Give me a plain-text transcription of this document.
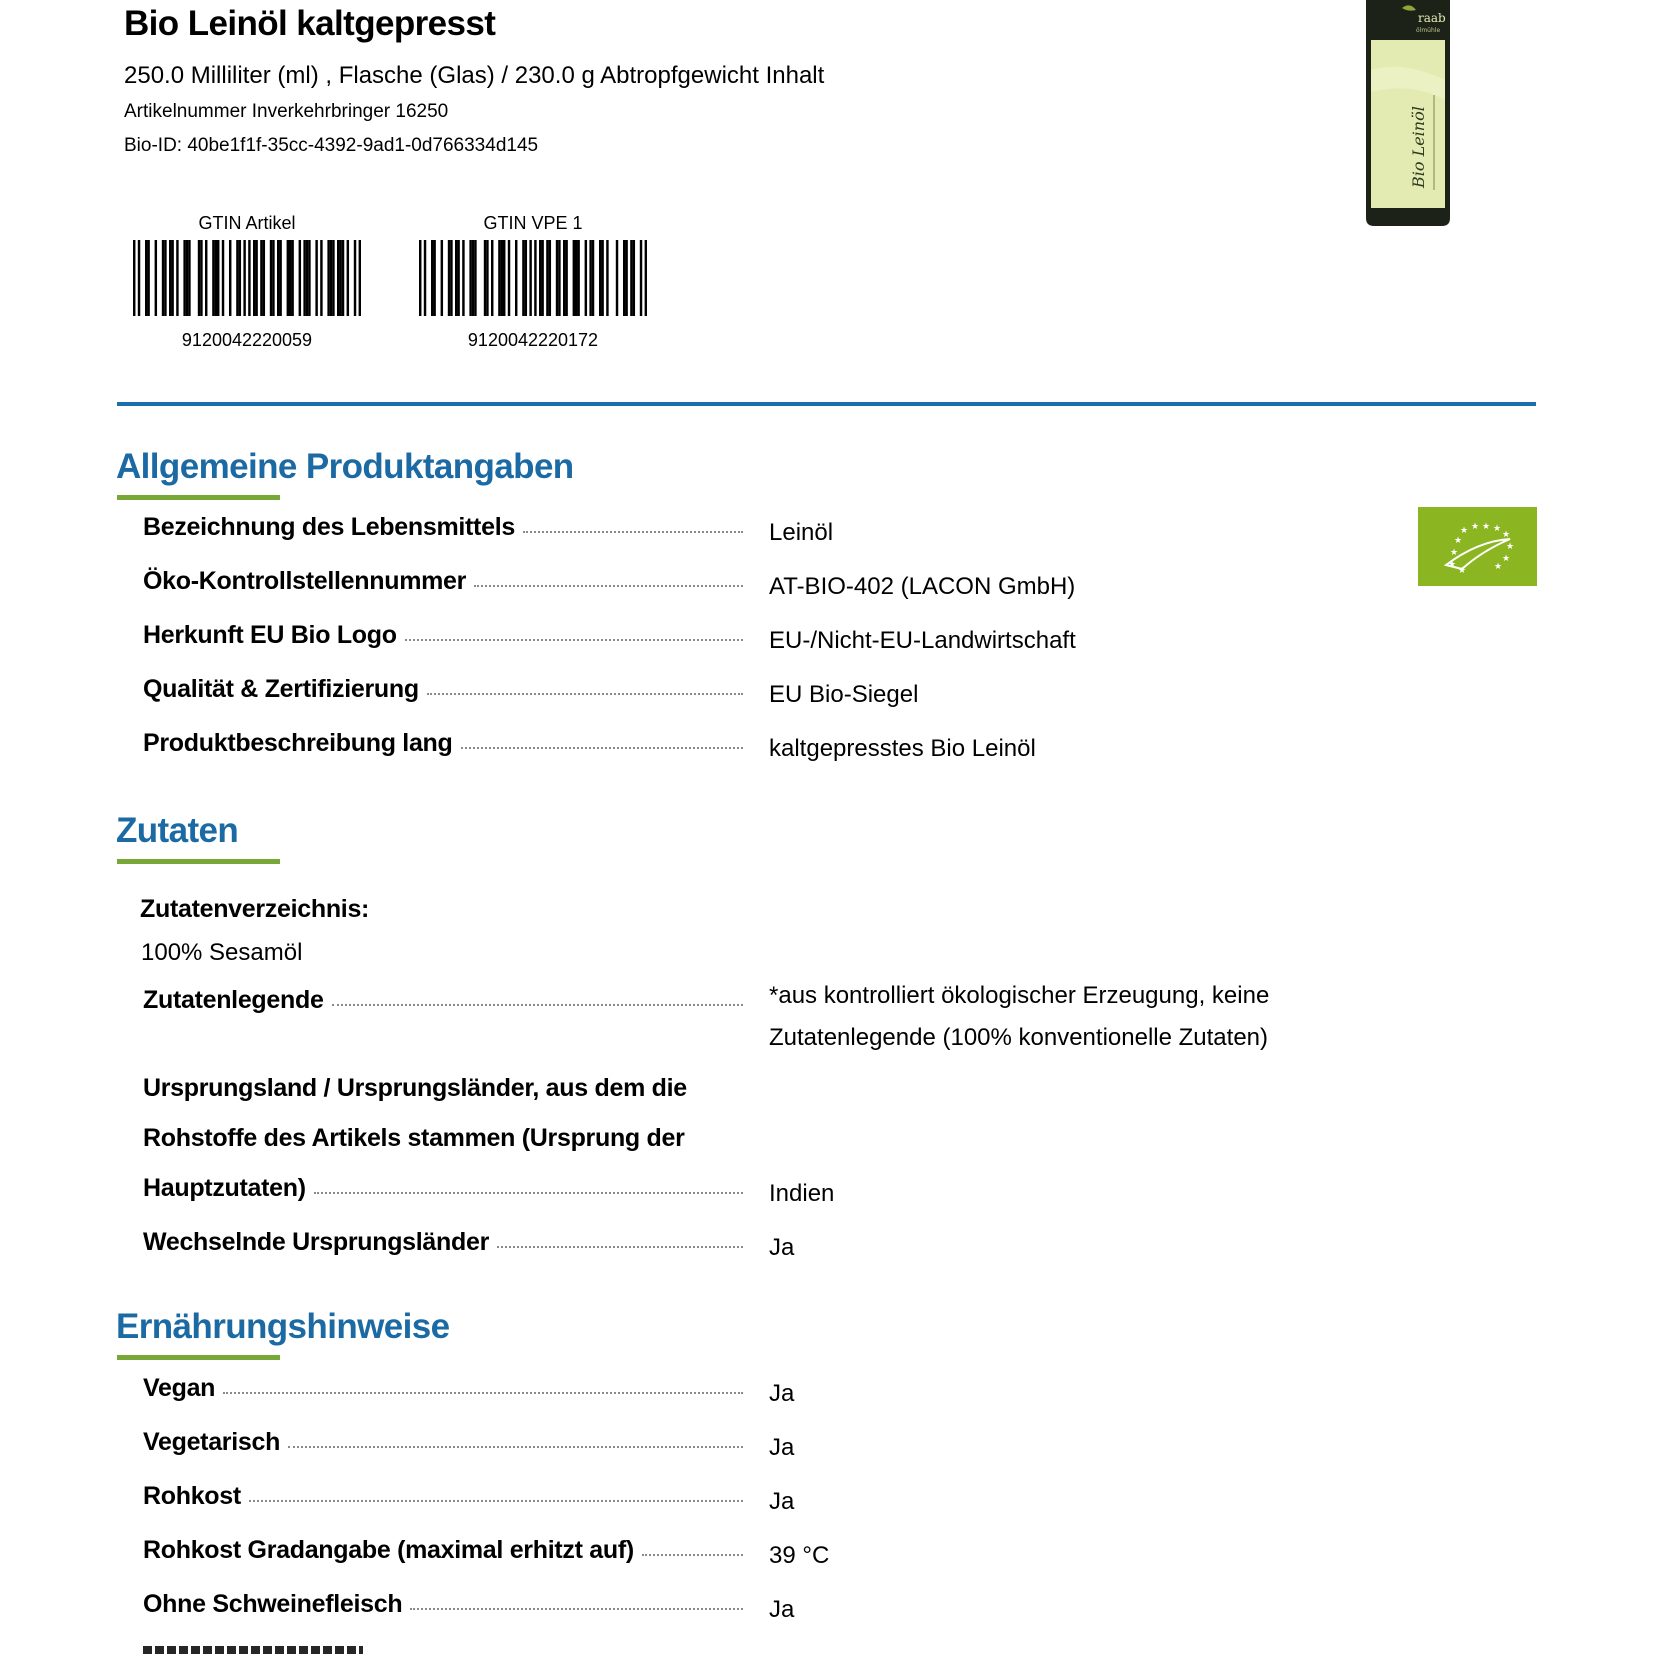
Bio Leinöl kaltgepresst
250.0 Milliliter (ml) , Flasche (Glas) / 230.0 g Abtropfgewicht Inhalt
Artikelnummer Inverkehrbringer 16250
Bio-ID: 40be1f1f-35cc-4392-9ad1-0d766334d145
GTIN Artikel
9120042220059
GTIN VPE 1
9120042220172
raab
ölmühle
Bio Leinöl
Allgemeine Produktangaben
★ ★ ★ ★
★
★
★
★
★
★
★
★
Bezeichnung des Lebensmittels	Leinöl
Öko-Kontrollstellennummer	AT-BIO-402 (LACON GmbH)
Herkunft EU Bio Logo	EU-/Nicht-EU-Landwirtschaft
Qualität & Zertifizierung	EU Bio-Siegel
Produktbeschreibung lang	kaltgepresstes Bio Leinöl
Zutaten
Zutatenverzeichnis:
100% Sesamöl
Zutatenlegende	*aus kontrolliert ökologischer Erzeugung, keine
Zutatenlegende (100% konventionelle Zutaten)
Ursprungsland / Ursprungsländer, aus dem die
Rohstoffe des Artikels stammen (Ursprung der
Hauptzutaten)	Indien
Wechselnde Ursprungsländer	Ja
Ernährungshinweise
Vegan	Ja
Vegetarisch	Ja
Rohkost	Ja
Rohkost Gradangabe (maximal erhitzt auf)	39 °C
Ohne Schweinefleisch	Ja
